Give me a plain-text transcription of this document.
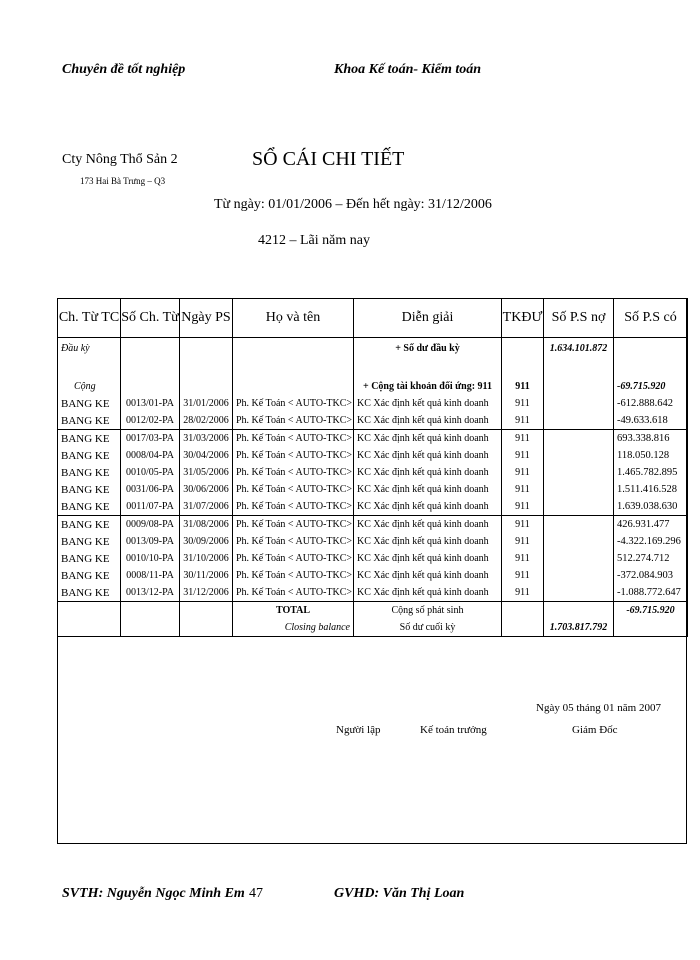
Chuyên đề tốt nghiệp	Khoa Kế toán- Kiểm toán
Cty Nông Thổ Sản 2
173 Hai Bà Trưng – Q3
SỔ CÁI CHI TIẾT
Từ ngày: 01/01/2006 – Đến hết ngày: 31/12/2006
4212 – Lãi năm nay
Ch. Từ TC	Số Ch. Từ	Ngày PS	Họ và tên	Diễn giải	TKĐƯ	Số P.S nợ	Số P.S có
Đầu kỳ				+ Số dư đầu kỳ		1.634.101.872	

Cộng				+ Cộng tài khoản đối ứng: 911	911		-69.715.920
BANG KE	0013/01-PA	31/01/2006	Ph. Kế Toán < AUTO-TKC>	KC Xác định kết quả kinh doanh	911		-612.888.642
BANG KE	0012/02-PA	28/02/2006	Ph. Kế Toán < AUTO-TKC>	KC Xác định kết quả kinh doanh	911		-49.633.618
BANG KE	0017/03-PA	31/03/2006	Ph. Kế Toán < AUTO-TKC>	KC Xác định kết quả kinh doanh	911		693.338.816
BANG KE	0008/04-PA	30/04/2006	Ph. Kế Toán < AUTO-TKC>	KC Xác định kết quả kinh doanh	911		118.050.128
BANG KE	0010/05-PA	31/05/2006	Ph. Kế Toán < AUTO-TKC>	KC Xác định kết quả kinh doanh	911		1.465.782.895
BANG KE	0031/06-PA	30/06/2006	Ph. Kế Toán < AUTO-TKC>	KC Xác định kết quả kinh doanh	911		1.511.416.528
BANG KE	0011/07-PA	31/07/2006	Ph. Kế Toán < AUTO-TKC>	KC Xác định kết quả kinh doanh	911		1.639.038.630
BANG KE	0009/08-PA	31/08/2006	Ph. Kế Toán < AUTO-TKC>	KC Xác định kết quả kinh doanh	911		426.931.477
BANG KE	0013/09-PA	30/09/2006	Ph. Kế Toán < AUTO-TKC>	KC Xác định kết quả kinh doanh	911		-4.322.169.296
BANG KE	0010/10-PA	31/10/2006	Ph. Kế Toán < AUTO-TKC>	KC Xác định kết quả kinh doanh	911		512.274.712
BANG KE	0008/11-PA	30/11/2006	Ph. Kế Toán < AUTO-TKC>	KC Xác định kết quả kinh doanh	911		-372.084.903
BANG KE	0013/12-PA	31/12/2006	Ph. Kế Toán < AUTO-TKC>	KC Xác định kết quả kinh doanh	911		-1.088.772.647
			TOTAL	Cộng số phát sinh			-69.715.920
			Closing balance	Số dư cuối kỳ		1.703.817.792	
Ngày 05 tháng 01 năm 2007
Người lập	Kế toán trưởng	Giám Đốc
SVTH: Nguyễn Ngọc Minh Em 47	GVHD: Văn Thị Loan
